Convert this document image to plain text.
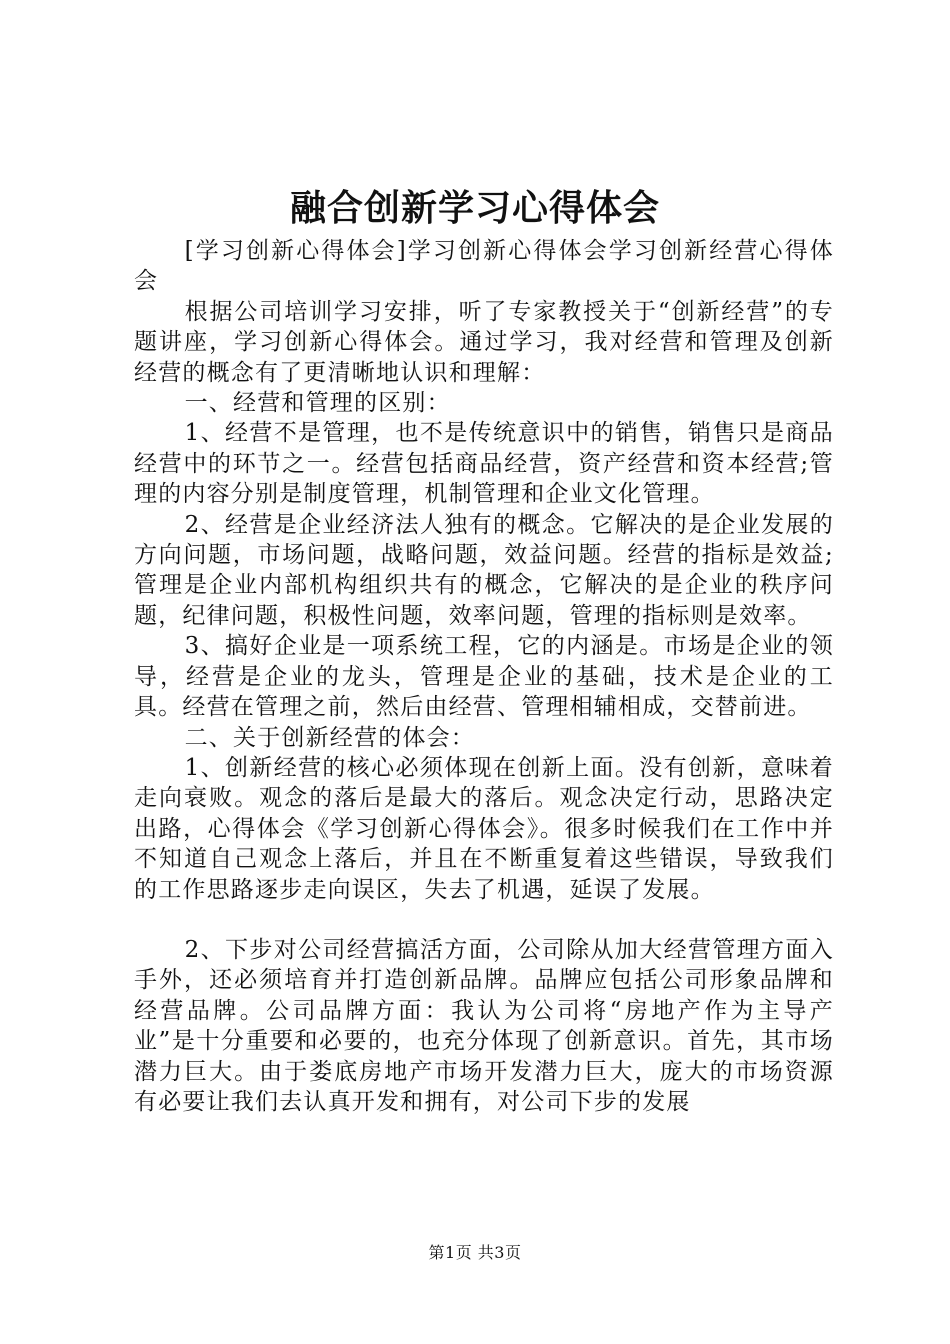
融合创新学习心得体会

[学习创新心得体会]学习创新心得体会学习创新经营心得体会

根据公司培训学习安排，听了专家教授关于“创新经营”的专题讲座，学习创新心得体会。通过学习，我对经营和管理及创新经营的概念有了更清晰地认识和理解：

一、经营和管理的区别：

1、经营不是管理，也不是传统意识中的销售，销售只是商品经营中的环节之一。经营包括商品经营，资产经营和资本经营;管理的内容分别是制度管理，机制管理和企业文化管理。

2、经营是企业经济法人独有的概念。它解决的是企业发展的方向问题，市场问题，战略问题，效益问题。经营的指标是效益;管理是企业内部机构组织共有的概念，它解决的是企业的秩序问题，纪律问题，积极性问题，效率问题，管理的指标则是效率。

3、搞好企业是一项系统工程，它的内涵是。市场是企业的领导，经营是企业的龙头，管理是企业的基础，技术是企业的工具。经营在管理之前，然后由经营、管理相辅相成，交替前进。

二、关于创新经营的体会：

1、创新经营的核心必须体现在创新上面。没有创新，意味着走向衰败。观念的落后是最大的落后。观念决定行动，思路决定出路，心得体会《学习创新心得体会》。很多时候我们在工作中并不知道自己观念上落后，并且在不断重复着这些错误，导致我们的工作思路逐步走向误区，失去了机遇，延误了发展。

2、下步对公司经营搞活方面，公司除从加大经营管理方面入手外，还必须培育并打造创新品牌。品牌应包括公司形象品牌和经营品牌。公司品牌方面：我认为公司将“房地产作为主导产业”是十分重要和必要的，也充分体现了创新意识。首先，其市场潜力巨大。由于娄底房地产市场开发潜力巨大，庞大的市场资源有必要让我们去认真开发和拥有，对公司下步的发展

第1页 共3页
